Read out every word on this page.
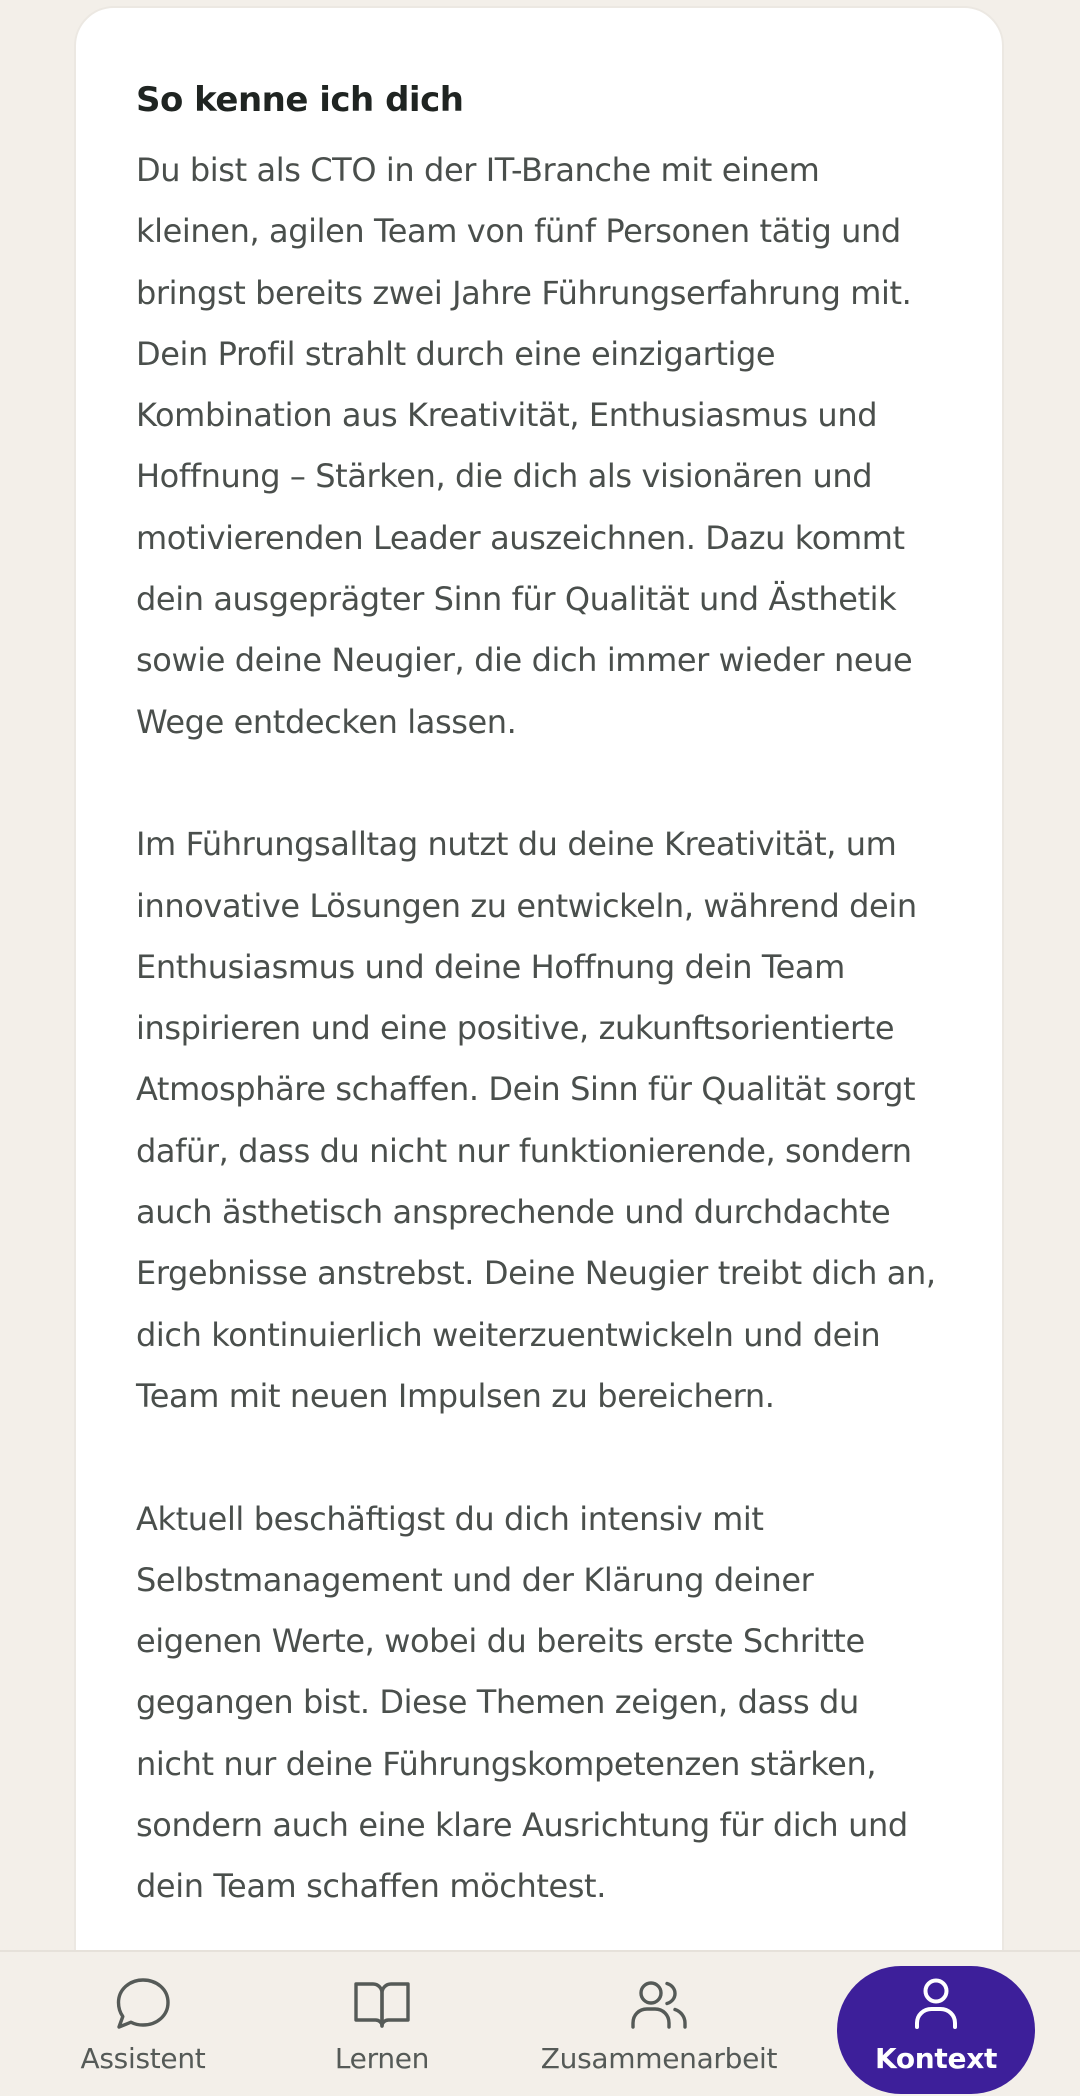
So kenne ich dich

Du bist als CTO in der IT-Branche mit einem kleinen, agilen Team von fünf Personen tätig und bringst bereits zwei Jahre Führungserfahrung mit. Dein Profil strahlt durch eine einzigartige Kombination aus Kreativität, Enthusiasmus und Hoffnung – Stärken, die dich als visionären und motivierenden Leader auszeichnen. Dazu kommt dein ausgeprägter Sinn für Qualität und Ästhetik sowie deine Neugier, die dich immer wieder neue Wege entdecken lassen.

Im Führungsalltag nutzt du deine Kreativität, um innovative Lösungen zu entwickeln, während dein Enthusiasmus und deine Hoffnung dein Team inspirieren und eine positive, zukunftsorientierte Atmosphäre schaffen. Dein Sinn für Qualität sorgt dafür, dass du nicht nur funktionierende, sondern auch ästhetisch ansprechende und durchdachte Ergebnisse anstrebst. Deine Neugier treibt dich an, dich kontinuierlich weiterzuentwickeln und dein Team mit neuen Impulsen zu bereichern.

Aktuell beschäftigst du dich intensiv mit Selbstmanagement und der Klärung deiner eigenen Werte, wobei du bereits erste Schritte gegangen bist. Diese Themen zeigen, dass du nicht nur deine Führungskompetenzen stärken, sondern auch eine klare Ausrichtung für dich und dein Team schaffen möchtest.

Assistent	Lernen	Zusammenarbeit	Kontext
